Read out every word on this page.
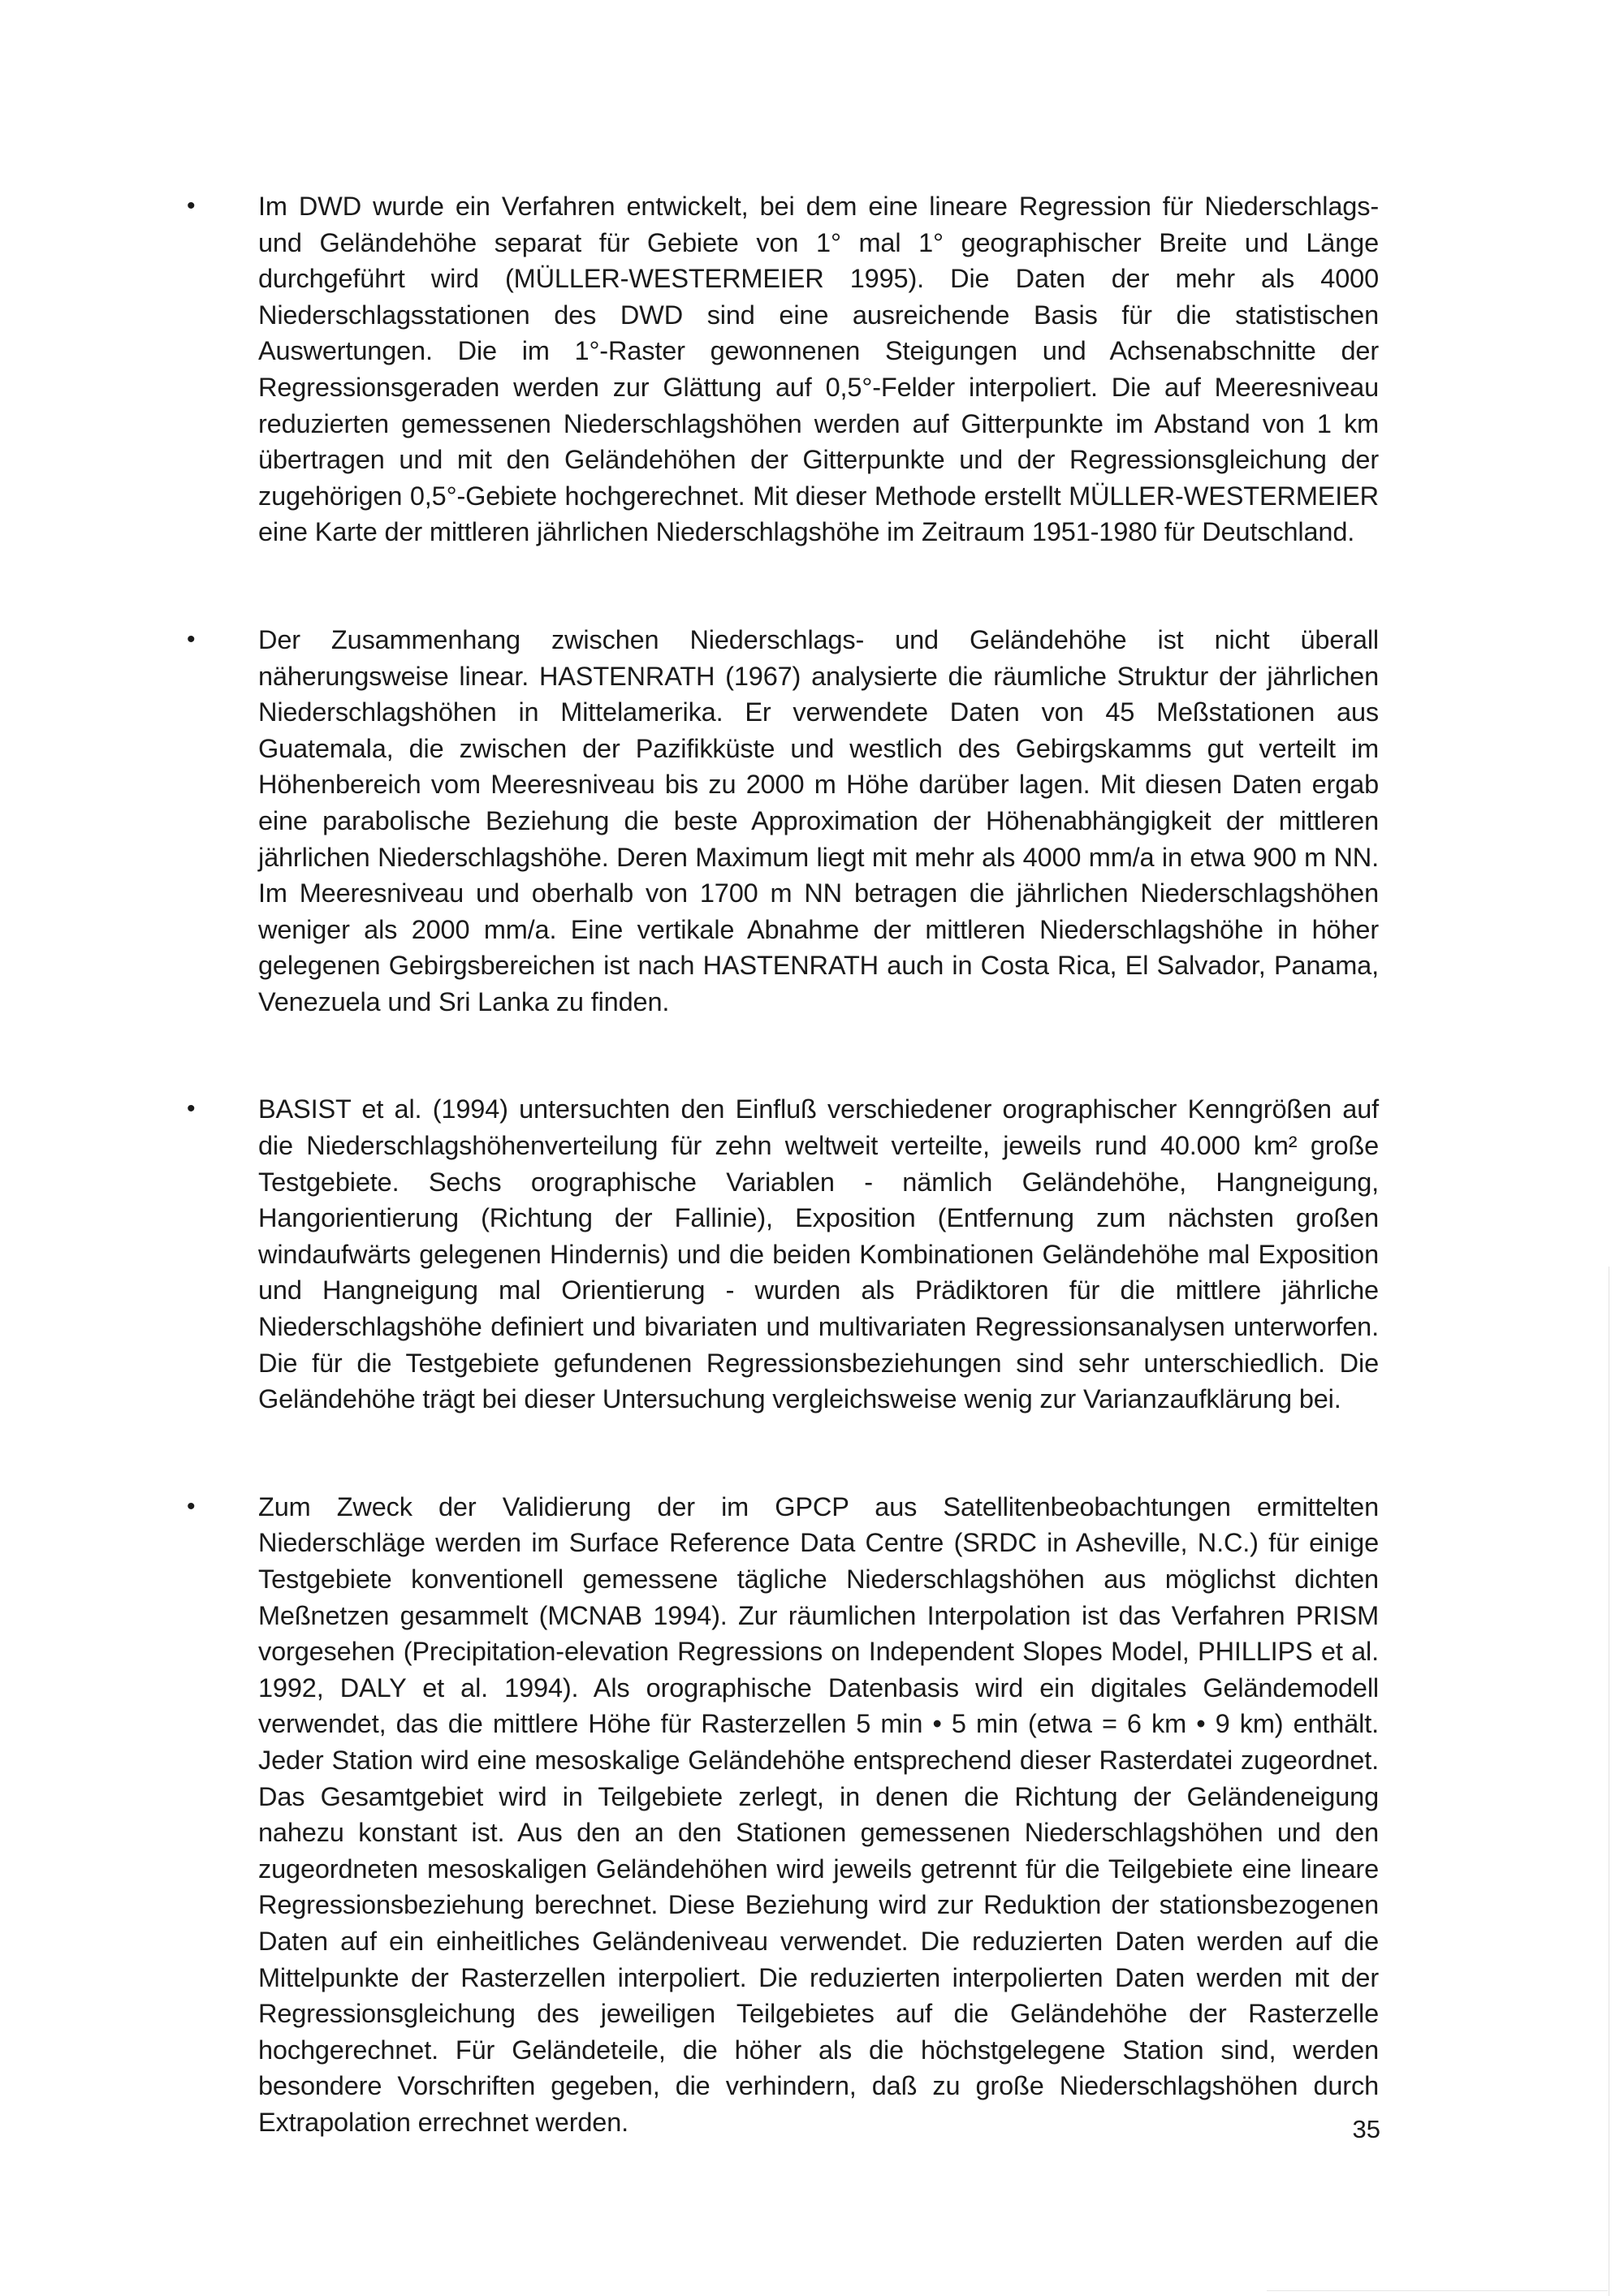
• Im DWD wurde ein Verfahren entwickelt, bei dem eine lineare Regression für Niederschlags- und Geländehöhe separat für Gebiete von 1° mal 1° geographischer Breite und Länge durchgeführt wird (MÜLLER-WESTERMEIER 1995). Die Daten der mehr als 4000 Niederschlagsstationen des DWD sind eine ausreichende Basis für die statistischen Auswertungen. Die im 1°-Raster gewonnenen Steigungen und Achsenabschnitte der Regressionsgeraden werden zur Glättung auf 0,5°-Felder interpoliert. Die auf Meeresniveau reduzierten gemessenen Niederschlagshöhen werden auf Gitterpunkte im Abstand von 1 km übertragen und mit den Geländehöhen der Gitterpunkte und der Regressionsgleichung der zugehörigen 0,5°-Gebiete hochgerechnet. Mit dieser Methode erstellt MÜLLER-WESTERMEIER eine Karte der mittleren jährlichen Niederschlagshöhe im Zeitraum 1951-1980 für Deutschland.
• Der Zusammenhang zwischen Niederschlags- und Geländehöhe ist nicht überall näherungsweise linear. HASTENRATH (1967) analysierte die räumliche Struktur der jährlichen Niederschlagshöhen in Mittelamerika. Er verwendete Daten von 45 Meßstationen aus Guatemala, die zwischen der Pazifikküste und westlich des Gebirgskamms gut verteilt im Höhenbereich vom Meeresniveau bis zu 2000 m Höhe darüber lagen. Mit diesen Daten ergab eine parabolische Beziehung die beste Approximation der Höhenabhängigkeit der mittleren jährlichen Niederschlagshöhe. Deren Maximum liegt mit mehr als 4000 mm/a in etwa 900 m NN. Im Meeresniveau und oberhalb von 1700 m NN betragen die jährlichen Niederschlagshöhen weniger als 2000 mm/a. Eine vertikale Abnahme der mittleren Niederschlagshöhe in höher gelegenen Gebirgsbereichen ist nach HASTENRATH auch in Costa Rica, El Salvador, Panama, Venezuela und Sri Lanka zu finden.
• BASIST et al. (1994) untersuchten den Einfluß verschiedener orographischer Kenngrößen auf die Niederschlagshöhenverteilung für zehn weltweit verteilte, jeweils rund 40.000 km² große Testgebiete. Sechs orographische Variablen - nämlich Geländehöhe, Hangneigung, Hangorientierung (Richtung der Fallinie), Exposition (Entfernung zum nächsten großen windaufwärts gelegenen Hindernis) und die beiden Kombinationen Geländehöhe mal Exposition und Hangneigung mal Orientierung - wurden als Prädiktoren für die mittlere jährliche Niederschlagshöhe definiert und bivariaten und multivariaten Regressionsanalysen unterworfen. Die für die Testgebiete gefundenen Regressionsbeziehungen sind sehr unterschiedlich. Die Geländehöhe trägt bei dieser Untersuchung vergleichsweise wenig zur Varianzaufklärung bei.
• Zum Zweck der Validierung der im GPCP aus Satellitenbeobachtungen ermittelten Niederschläge werden im Surface Reference Data Centre (SRDC in Asheville, N.C.) für einige Testgebiete konventionell gemessene tägliche Niederschlagshöhen aus möglichst dichten Meßnetzen gesammelt (MCNAB 1994). Zur räumlichen Interpolation ist das Verfahren PRISM vorgesehen (Precipitation-elevation Regressions on Independent Slopes Model, PHILLIPS et al. 1992, DALY et al. 1994). Als orographische Datenbasis wird ein digitales Geländemodell verwendet, das die mittlere Höhe für Rasterzellen 5 min • 5 min (etwa = 6 km • 9 km) enthält. Jeder Station wird eine mesoskalige Geländehöhe entsprechend dieser Rasterdatei zugeordnet. Das Gesamtgebiet wird in Teilgebiete zerlegt, in denen die Richtung der Geländeneigung nahezu konstant ist. Aus den an den Stationen gemessenen Niederschlagshöhen und den zugeordneten mesoskaligen Geländehöhen wird jeweils getrennt für die Teilgebiete eine lineare Regressionsbeziehung berechnet. Diese Beziehung wird zur Reduktion der stationsbezogenen Daten auf ein einheitliches Geländeniveau verwendet. Die reduzierten Daten werden auf die Mittelpunkte der Rasterzellen interpoliert. Die reduzierten interpolierten Daten werden mit der Regressionsgleichung des jeweiligen Teilgebietes auf die Geländehöhe der Rasterzelle hochgerechnet. Für Geländeteile, die höher als die höchstgelegene Station sind, werden besondere Vorschriften gegeben, die verhindern, daß zu große Niederschlagshöhen durch Extrapolation errechnet werden.	35
